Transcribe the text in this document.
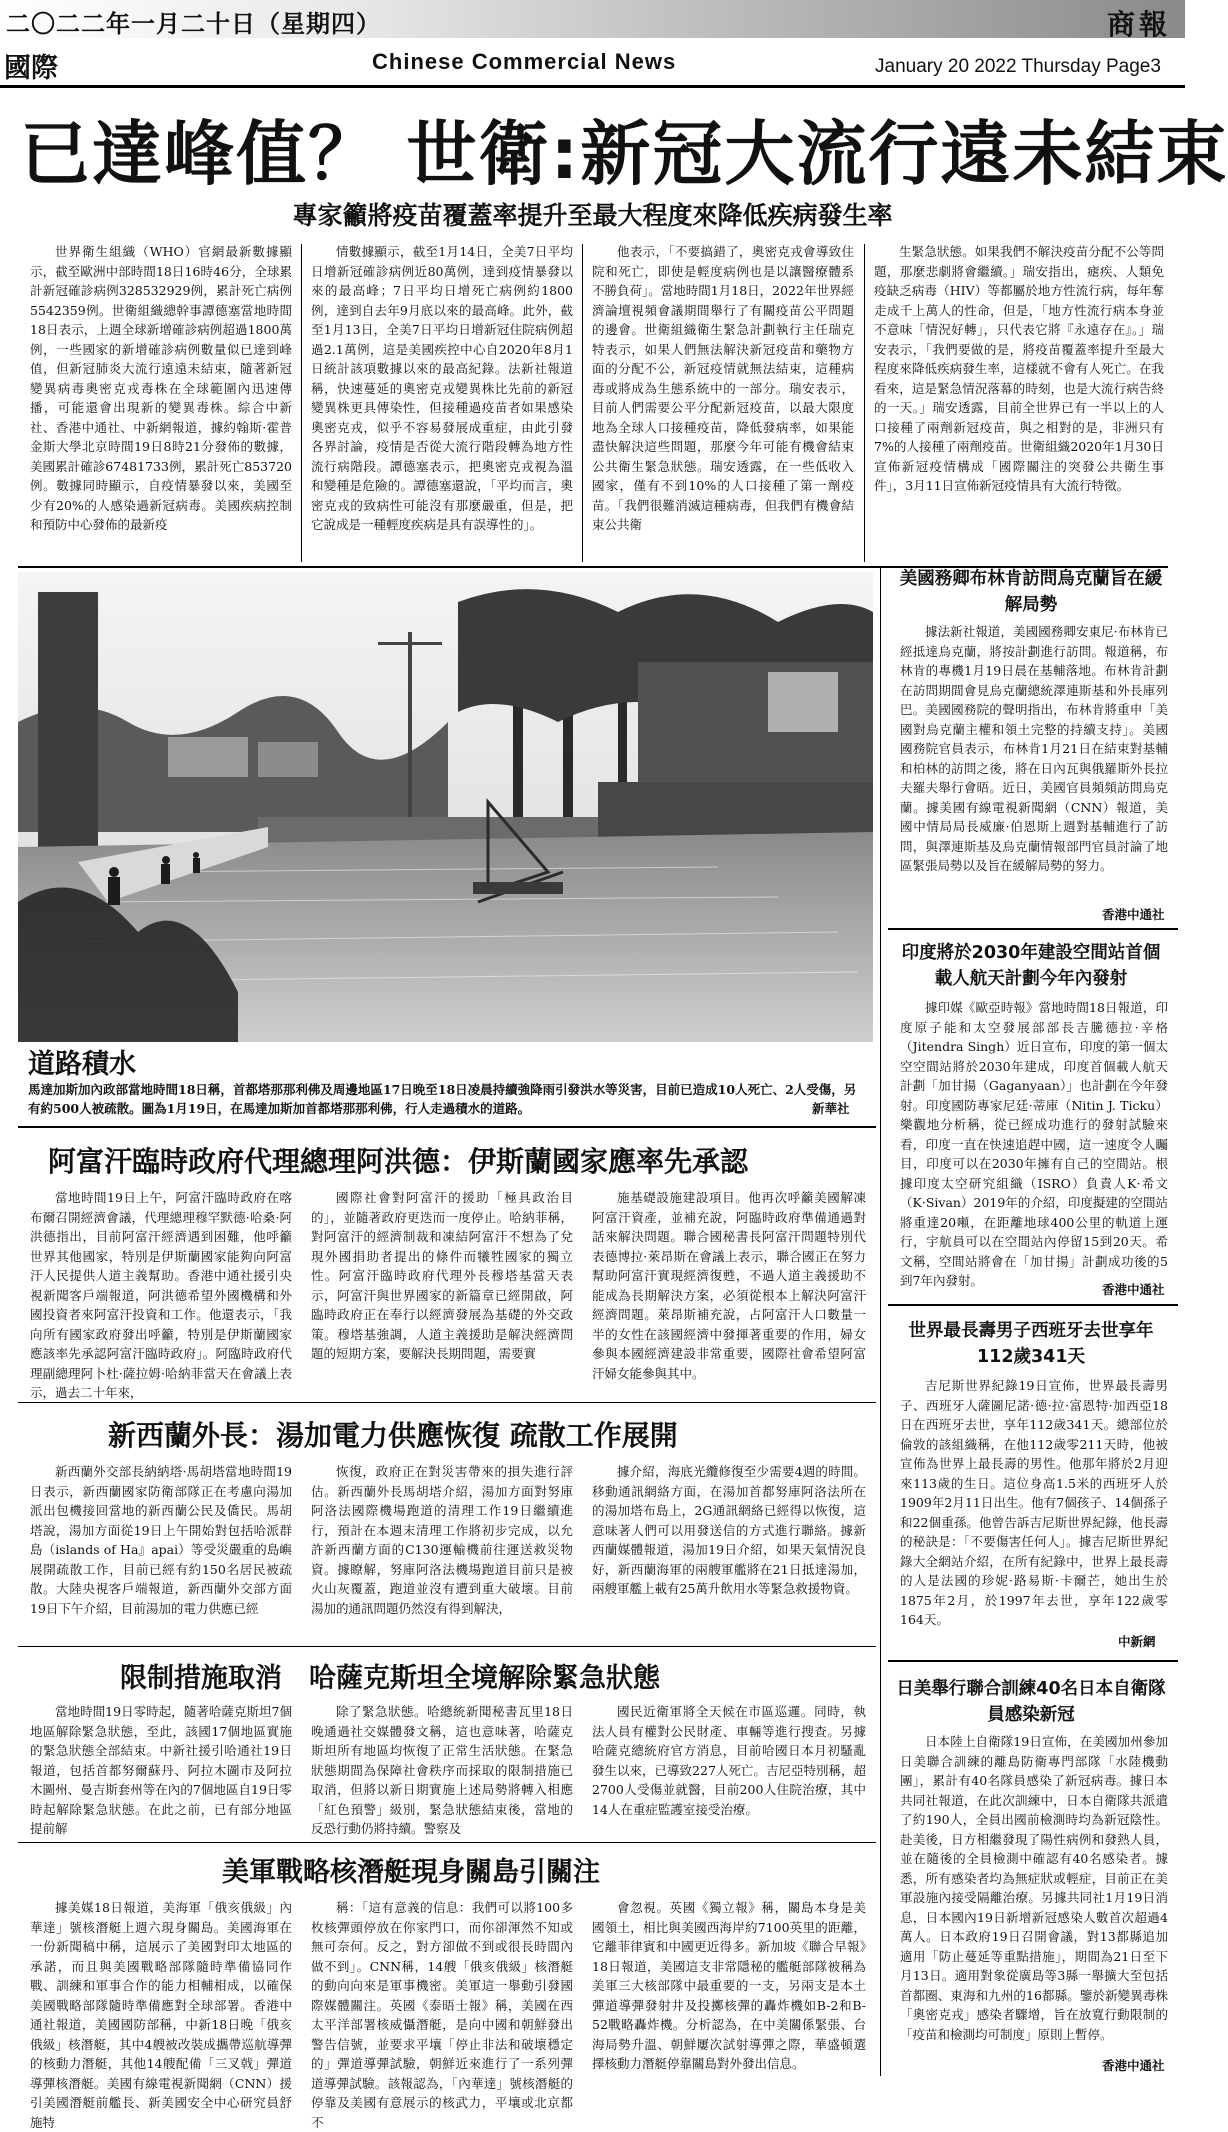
二〇二二年一月二十日（星期四）	商報
國際	Chinese Commercial News	January 20 2022 Thursday Page3
已達峰值？ 世衛:新冠大流行遠未結束
專家籲將疫苗覆蓋率提升至最大程度來降低疾病發生率

世界衛生組織（WHO）官網最新數據顯示，截至歐洲中部時間18日16時46分，全球累計新冠確診病例328532929例，累計死亡病例5542359例。世衛組織總幹事譚德塞當地時間18日表示，上週全球新增確診病例超過1800萬例，一些國家的新增確診病例數量似已達到峰值，但新冠肺炎大流行遠遠未結束，隨著新冠變異病毒奧密克戎毒株在全球範圍內迅速傳播，可能還會出現新的變異毒株。綜合中新社、香港中通社、中新網報道，據約翰斯·霍普金斯大學北京時間19日8時21分發佈的數據，美國累計確診67481733例，累計死亡853720例。數據同時顯示，自疫情暴發以來，美國至少有20%的人感染過新冠病毒。美國疾病控制和預防中心發佈的最新疫

情數據顯示，截至1月14日，全美7日平均日增新冠確診病例近80萬例，達到疫情暴發以來的最高峰；7日平均日增死亡病例約1800例，達到自去年9月底以來的最高峰。此外，截至1月13日，全美7日平均日增新冠住院病例超過2.1萬例，這是美國疾控中心自2020年8月1日統計該項數據以來的最高紀錄。法新社報道稱，快速蔓延的奧密克戎變異株比先前的新冠變異株更具傳染性，但接種過疫苗者如果感染奧密克戎，似乎不容易發展成重症，由此引發各界討論，疫情是否從大流行階段轉為地方性流行病階段。譚德塞表示，把奧密克戎視為溫和變種是危險的。譚德塞還說，「平均而言，奧密克戎的致病性可能沒有那麼嚴重，但是，把它說成是一種輕度疾病是具有誤導性的」。

他表示，「不要搞錯了，奧密克戎會導致住院和死亡，即使是輕度病例也是以讓醫療體系不勝負荷」。當地時間1月18日，2022年世界經濟論壇視頻會議期間舉行了有關疫苗公平問題的邊會。世衛組織衛生緊急計劃執行主任瑞克特表示，如果人們無法解決新冠疫苗和藥物方面的分配不公，新冠疫情就無法結束，這種病毒或將成為生態系統中的一部分。瑞安表示，目前人們需要公平分配新冠疫苗，以最大限度地為全球人口接種疫苗，降低發病率，如果能盡快解決這些問題，那麼今年可能有機會結束公共衛生緊急狀態。瑞安透露，在一些低收入國家，僅有不到10%的人口接種了第一劑疫苗。「我們很難消滅這種病毒，但我們有機會結束公共衛

生緊急狀態。如果我們不解決疫苗分配不公等問題，那麼悲劇將會繼續。」瑞安指出，瘧疾、人類免疫缺乏病毒（HIV）等都屬於地方性流行病，每年奪走成千上萬人的性命，但是，「地方性流行病本身並不意味「情況好轉」，只代表它將『永遠存在』。」瑞安表示，「我們要做的是，將疫苗覆蓋率提升至最大程度來降低疾病發生率，這樣就不會有人死亡。在我看來，這是緊急情況落幕的時刻，也是大流行病告終的一天。」瑞安透露，目前全世界已有一半以上的人口接種了兩劑新冠疫苗，與之相對的是，非洲只有7%的人接種了兩劑疫苗。世衛組織2020年1月30日宣佈新冠疫情構成「國際關注的突發公共衛生事件」，3月11日宣佈新冠疫情具有大流行特徵。

道路積水
馬達加斯加內政部當地時間18日稱，首都塔那那利佛及周邊地區17日晚至18日凌晨持續強降雨引發洪水等災害，目前已造成10人死亡、2人受傷，另有約500人被疏散。圖為1月19日，在馬達加斯加首都塔那那利佛，行人走過積水的道路。	新華社
阿富汗臨時政府代理總理阿洪德：伊斯蘭國家應率先承認

當地時間19日上午，阿富汗臨時政府在喀布爾召開經濟會議，代理總理穆罕默德·哈桑·阿洪德指出，目前阿富汗經濟遇到困難，他呼籲世界其他國家，特別是伊斯蘭國家能夠向阿富汗人民提供人道主義幫助。香港中通社援引央視新聞客戶端報道，阿洪德希望外國機構和外國投資者來阿富汗投資和工作。他還表示，「我向所有國家政府發出呼籲，特別是伊斯蘭國家應該率先承認阿富汗臨時政府」。阿臨時政府代理副總理阿卜杜·薩拉姆·哈納菲當天在會議上表示，過去二十年來，

國際社會對阿富汗的援助「極具政治目的」，並隨著政府更迭而一度停止。哈納菲稱，對阿富汗的經濟制裁和凍結阿富汗不想為了兌現外國捐助者提出的條件而犧牲國家的獨立性。阿富汗臨時政府代理外長穆塔基當天表示，阿富汗與世界國家的新篇章已經開啟，阿臨時政府正在奉行以經濟發展為基礎的外交政策。穆塔基強調，人道主義援助是解決經濟問題的短期方案，要解決長期問題，需要實

施基礎設施建設項目。他再次呼籲美國解凍阿富汗資產，並補充說，阿臨時政府準備通過對話來解決問題。聯合國秘書長阿富汗問題特別代表德博拉·萊昂斯在會議上表示，聯合國正在努力幫助阿富汗實現經濟復甦，不過人道主義援助不能成為長期解決方案，必須從根本上解決阿富汗經濟問題。萊昂斯補充說，占阿富汗人口數量一半的女性在該國經濟中發揮著重要的作用，婦女參與本國經濟建設非常重要，國際社會希望阿富汗婦女能參與其中。

新西蘭外長：湯加電力供應恢復 疏散工作展開

新西蘭外交部長納納塔·馬胡塔當地時間19日表示，新西蘭國家防衛部隊正在考慮向湯加派出包機接回當地的新西蘭公民及僑民。馬胡塔說，湯加方面從19日上午開始對包括哈派群島（islands of Ha』apai）等受災嚴重的島嶼展開疏散工作，目前已經有約150名居民被疏散。大陸央視客戶端報道，新西蘭外交部方面19日下午介紹，目前湯加的電力供應已經

恢復，政府正在對災害帶來的損失進行評估。新西蘭外長馬胡塔介紹，湯加方面對努庫阿洛法國際機場跑道的清理工作19日繼續進行，預計在本週末清理工作將初步完成，以允許新西蘭方面的C130運輸機前往運送救災物資。據瞭解，努庫阿洛法機場跑道目前只是被火山灰覆蓋，跑道並沒有遭到重大破壞。目前湯加的通訊問題仍然沒有得到解決，

據介紹，海底光纜修復至少需要4週的時間。移動通訊網絡方面，在湯加首都努庫阿洛法所在的湯加塔布島上，2G通訊網絡已經得以恢復，這意味著人們可以用發送信的方式進行聯絡。據新西蘭媒體報道，湯加19日介紹，如果天氣情況良好，新西蘭海軍的兩艘軍艦將在21日抵達湯加，兩艘軍艦上載有25萬升飲用水等緊急救援物資。

限制措施取消　哈薩克斯坦全境解除緊急狀態

當地時間19日零時起，隨著哈薩克斯坦7個地區解除緊急狀態，至此，該國17個地區實施的緊急狀態全部結束。中新社援引哈通社19日報道，包括首都努爾蘇丹、阿拉木圖市及阿拉木圖州、曼吉斯套州等在內的7個地區自19日零時起解除緊急狀態。在此之前，已有部分地區提前解

除了緊急狀態。哈總統新聞秘書瓦里18日晚通過社交媒體發文稱，這也意味著，哈薩克斯坦所有地區均恢復了正常生活狀態。在緊急狀態期間為保障社會秩序而採取的限制措施已取消，但將以新日期實施上述局勢將轉入相應「紅色預警」級別，緊急狀態結束後，當地的反恐行動仍將持續。警察及

國民近衛軍將全天候在市區巡邏。同時，執法人員有權對公民財產、車輛等進行搜查。另據哈薩克總統府官方消息，目前哈國日本月初騷亂發生以來，已導致227人死亡。吉尼亞特別稱，超2700人受傷並就醫，目前200人住院治療，其中14人在重症監護室接受治療。

美軍戰略核潛艇現身關島引關注

據美媒18日報道，美海軍「俄亥俄級」內華達」號核潛艇上週六現身關島。美國海軍在一份新聞稿中稱，這展示了美國對印太地區的承諾，而且與美國戰略部隊隨時準備協同作戰、訓練和軍事合作的能力相輔相成，以確保美國戰略部隊隨時準備應對全球部署。香港中通社報道，美國國防部稱，中新18日晚「俄亥俄級」核潛艇，其中4艘被改裝成攜帶巡航導彈的核動力潛艇，其他14艘配備「三叉戟」彈道導彈核潛艇。美國有線電視新聞網（CNN）援引美國潛艇前艦長、新美國安全中心研究員舒施特

稱：「這有意義的信息：我們可以將100多枚核彈頭停放在你家門口，而你卻渾然不知或無可奈何。反之，對方卻做不到或很長時間內做不到」。CNN稱，14艘「俄亥俄級」核潛艇的動向向來是軍事機密。美軍這一舉動引發國際媒體關注。英國《泰晤士報》稱，美國在西太平洋部署核威懾潛艇，是向中國和朝鮮發出警告信號，並要求平壤「停止非法和破壞穩定的」彈道導彈試驗，朝鮮近來進行了一系列彈道導彈試驗。該報認為，「內華達」號核潛艇的停靠及美國有意展示的核武力，平壤或北京都不

會忽視。英國《獨立報》稱，關島本身是美國領土，相比與美國西海岸約7100英里的距離，它離菲律賓和中國更近得多。新加坡《聯合早報》18日報道，美國這支非常隱秘的艦艇部隊被稱為美軍三大核部隊中最重要的一支，另兩支是本土彈道導彈發射井及投擲核彈的轟炸機如B-2和B-52戰略轟炸機。分析認為，在中美關係緊張、台海局勢升溫、朝鮮屢次試射導彈之際，華盛頓選擇核動力潛艇停靠關島對外發出信息。

美國務卿布林肯訪問烏克蘭旨在緩解局勢

據法新社報道，美國國務卿安東尼·布林肯已經抵達烏克蘭，將按計劃進行訪問。報道稱，布林肯的專機1月19日晨在基輔落地。布林肯計劃在訪問期間會見烏克蘭總統澤連斯基和外長庫列巴。美國國務院的聲明指出，布林肯將重申「美國對烏克蘭主權和領土完整的持續支持」。美國國務院官員表示，布林肯1月21日在結束對基輔和柏林的訪問之後，將在日內瓦與俄羅斯外長拉夫羅夫舉行會晤。近日，美國官員頻頻訪問烏克蘭。據美國有線電視新聞網（CNN）報道，美國中情局局長威廉·伯恩斯上週對基輔進行了訪問，與澤連斯基及烏克蘭情報部門官員討論了地區緊張局勢以及旨在緩解局勢的努力。

香港中通社
印度將於2030年建設空間站首個載人航天計劃今年內發射

據印媒《歐亞時報》當地時間18日報道，印度原子能和太空發展部部長吉騰德拉·辛格（Jitendra Singh）近日宣布，印度的第一個太空空間站將於2030年建成，印度首個載人航天計劃「加甘揚（Gaganyaan）」也計劃在今年發射。印度國防專家尼廷·蒂庫（Nitin J. Ticku）樂觀地分析稱，從已經成功進行的發射試驗來看，印度一直在快速追趕中國，這一速度令人矚目，印度可以在2030年擁有自己的空間站。根據印度太空研究組織（ISRO）負責人K·希文（K·Sivan）2019年的介紹，印度擬建的空間站將重達20噸，在距離地球400公里的軌道上運行，宇航員可以在空間站內停留15到20天。希文稱，空間站將會在「加甘揚」計劃成功後的5到7年內發射。

香港中通社
世界最長壽男子西班牙去世享年112歲341天

吉尼斯世界紀錄19日宣佈，世界最長壽男子、西班牙人薩圖尼諾·德·拉·富恩特·加西亞18日在西班牙去世，享年112歲341天。總部位於倫敦的該組織稱，在他112歲零211天時，他被宣佈為世界上最長壽的男性。他那年將於2月迎來113歲的生日。這位身高1.5米的西班牙人於1909年2月11日出生。他有7個孩子、14個孫子和22個重孫。他曾告訴吉尼斯世界紀錄，他長壽的秘訣是：「不要傷害任何人」。據吉尼斯世界紀錄大全網站介紹，在所有紀錄中，世界上最長壽的人是法國的珍妮·路易斯·卡爾芒，她出生於1875年2月，於1997年去世，享年122歲零164天。

中新網
日美舉行聯合訓練40名日本自衛隊員感染新冠

日本陸上自衛隊19日宣佈，在美國加州參加日美聯合訓練的離島防衛專門部隊「水陸機動團」，累計有40名隊員感染了新冠病毒。據日本共同社報道，在此次訓練中，日本自衛隊共派遣了約190人，全員出國前檢測時均為新冠陰性。赴美後，日方相繼發現了陽性病例和發熱人員，並在隨後的全員檢測中確認有40名感染者。據悉，所有感染者均為無症狀或輕症，目前正在美軍設施內接受隔離治療。另據共同社1月19日消息，日本國內19日新增新冠感染人數首次超過4萬人。日本政府19日召開會議，對13都縣追加適用「防止蔓延等重點措施」，期間為21日至下月13日。適用對象從廣島等3縣一舉擴大至包括首都圈、東海和九州的16都縣。鑒於新變異毒株「奧密克戎」感染者驟增，旨在放寬行動限制的「疫苗和檢測均可制度」原則上暫停。

香港中通社
